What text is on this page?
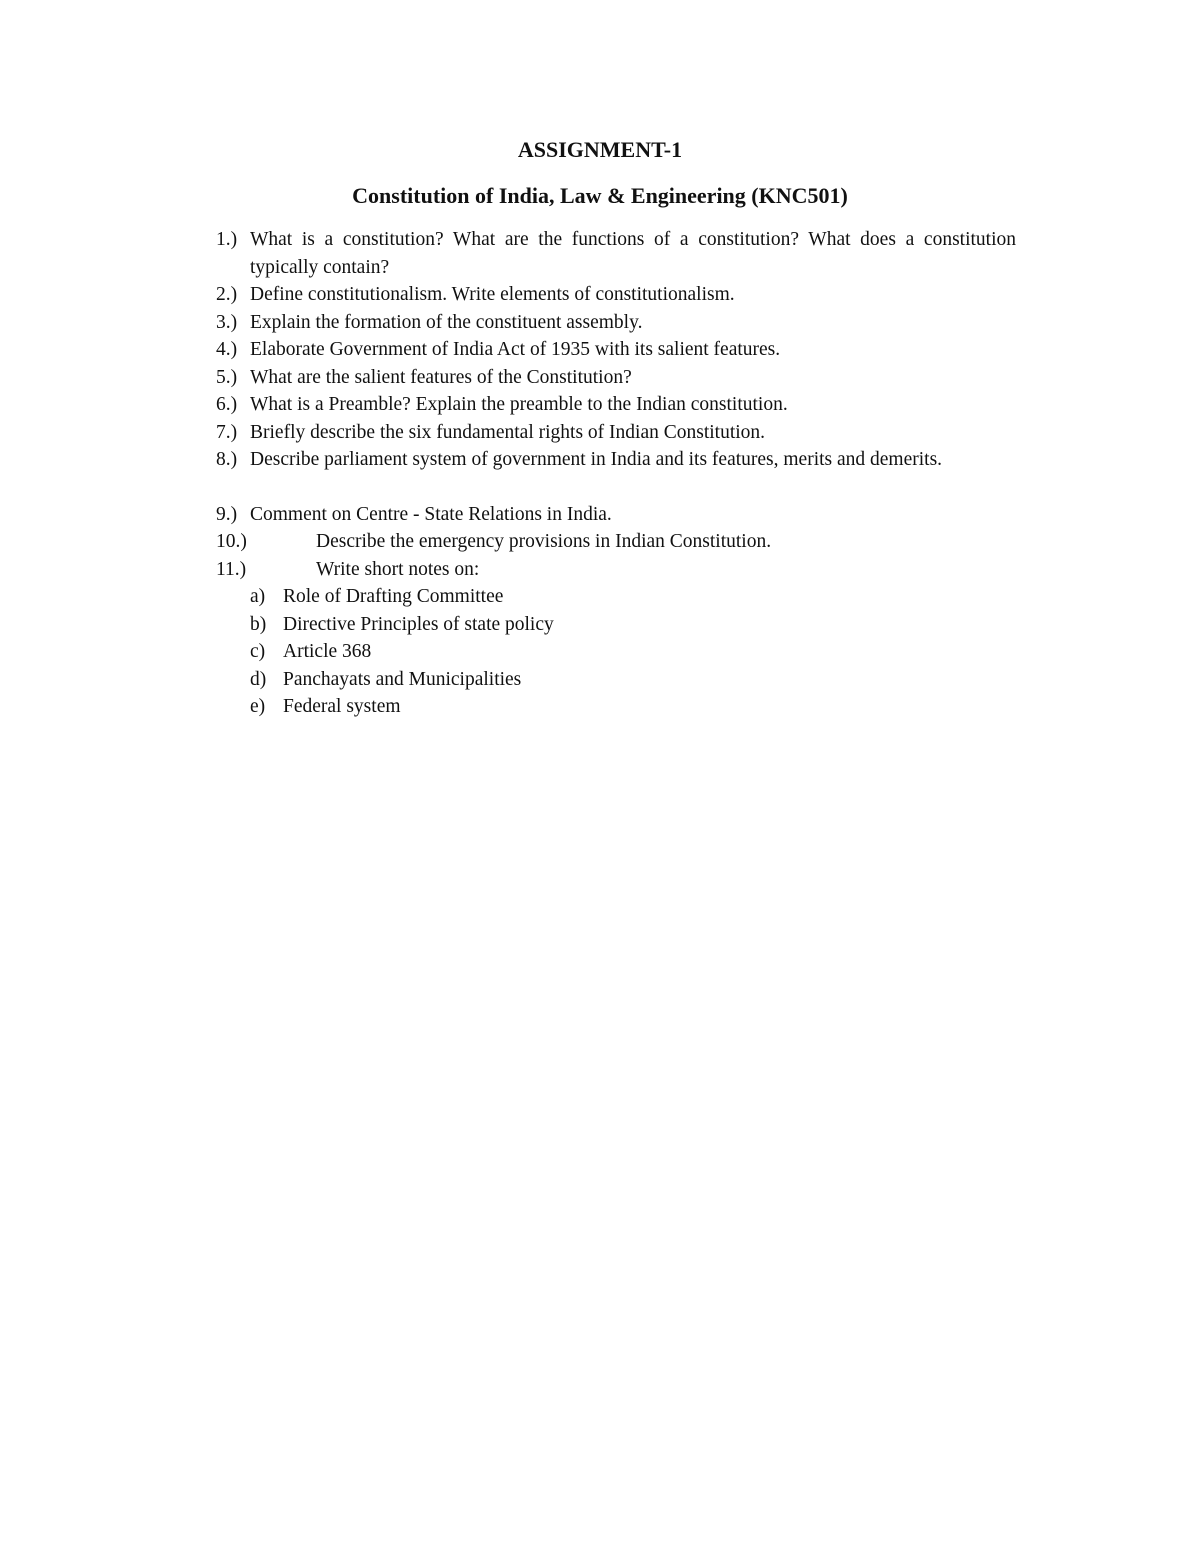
ASSIGNMENT-1
Constitution of India, Law & Engineering (KNC501)
1.) What is a constitution? What are the functions of a constitution? What does a constitution typically contain?
2.) Define constitutionalism. Write elements of constitutionalism.
3.) Explain the formation of the constituent assembly.
4.) Elaborate Government of India Act of 1935 with its salient features.
5.) What are the salient features of the Constitution?
6.) What is a Preamble? Explain the preamble to the Indian constitution.
7.) Briefly describe the six fundamental rights of Indian Constitution.
8.) Describe parliament system of government in India and its features, merits and demerits.
9.) Comment on Centre - State Relations in India.
10.)	Describe the emergency provisions in Indian Constitution.
11.)	Write short notes on:
a) Role of Drafting Committee
b) Directive Principles of state policy
c) Article 368
d) Panchayats and Municipalities
e) Federal system
